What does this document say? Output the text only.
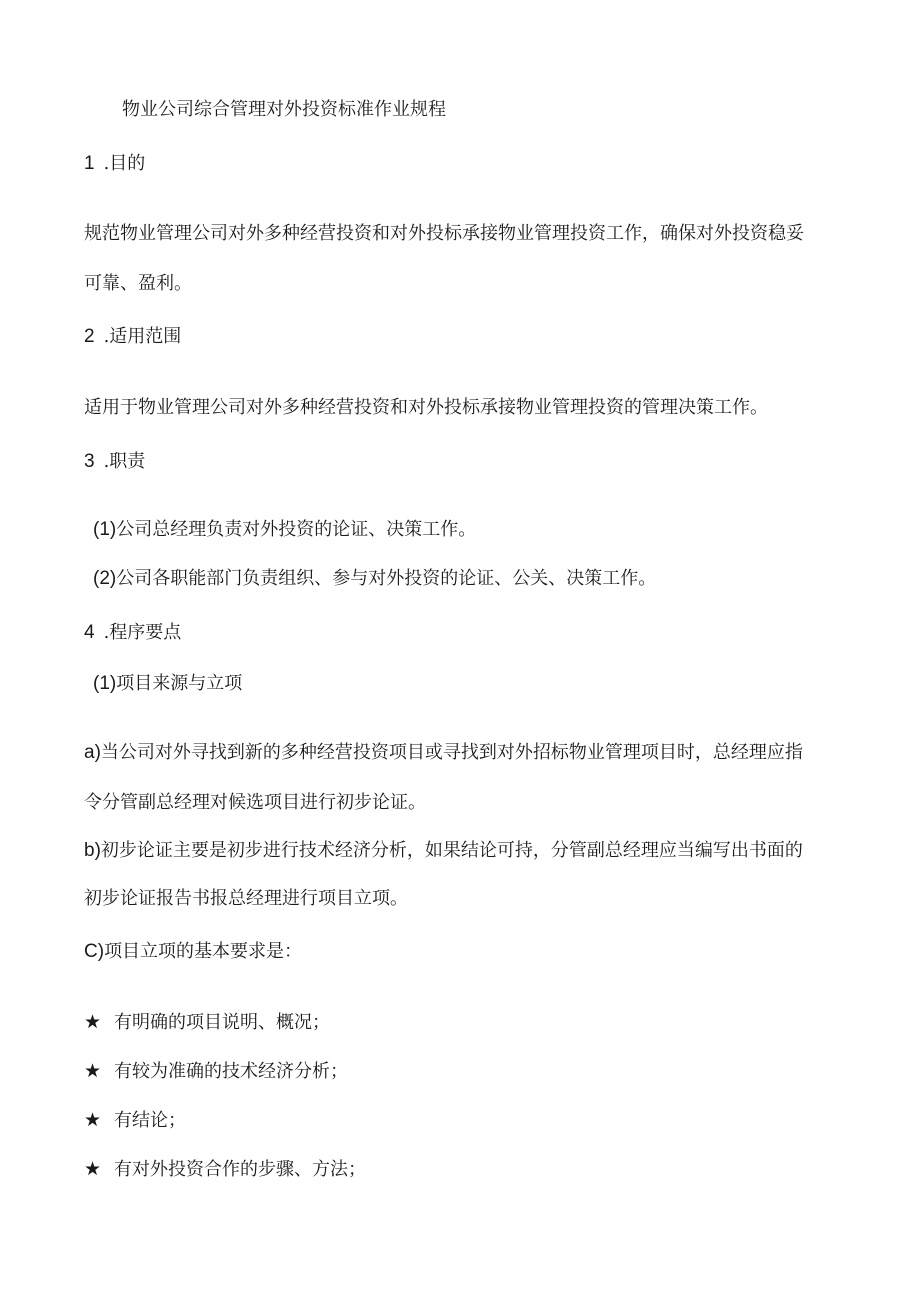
物业公司综合管理对外投资标准作业规程
1 .目的
规范物业管理公司对外多种经营投资和对外投标承接物业管理投资工作，确保对外投资稳妥
可靠、盈利。
2 .适用范围
适用于物业管理公司对外多种经营投资和对外投标承接物业管理投资的管理决策工作。
3 .职责
(1)公司总经理负责对外投资的论证、决策工作。
(2)公司各职能部门负责组织、参与对外投资的论证、公关、决策工作。
4 .程序要点
(1)项目来源与立项
a)当公司对外寻找到新的多种经营投资项目或寻找到对外招标物业管理项目时，总经理应指
令分管副总经理对候选项目进行初步论证。
b)初步论证主要是初步进行技术经济分析，如果结论可持，分管副总经理应当编写出书面的
初步论证报告书报总经理进行项目立项。
C)项目立项的基本要求是：
★ 有明确的项目说明、概况；
★ 有较为准确的技术经济分析；
★ 有结论；
★ 有对外投资合作的步骤、方法；
